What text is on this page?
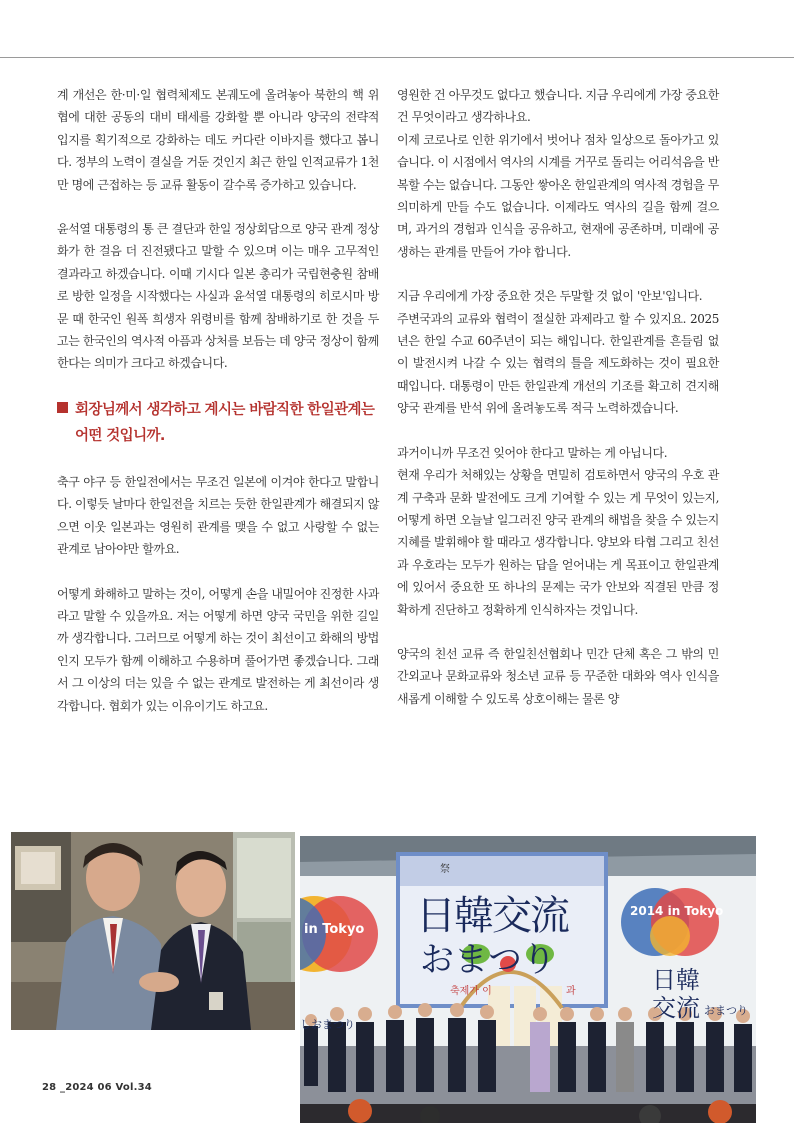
계 개선은 한·미·일 협력체제도 본궤도에 올려놓아 북한의 핵 위협에 대한 공동의 대비 태세를 강화할 뿐 아니라 양국의 전략적 입지를 획기적으로 강화하는 데도 커다란 이바지를 했다고 봅니다. 정부의 노력이 결실을 거둔 것인지 최근 한일 인적교류가 1천만 명에 근접하는 등 교류 활동이 갈수록 증가하고 있습니다.

윤석열 대통령의 통 큰 결단과 한일 정상회담으로 양국 관계 정상화가 한 걸음 더 진전됐다고 말할 수 있으며 이는 매우 고무적인 결과라고 하겠습니다. 이때 기시다 일본 총리가 국립현충원 참배로 방한 일정을 시작했다는 사실과 윤석열 대통령의 히로시마 방문 때 한국인 원폭 희생자 위령비를 함께 참배하기로 한 것을 두고는 한국인의 역사적 아픔과 상처를 보듬는 데 양국 정상이 함께 한다는 의미가 크다고 하겠습니다.

회장님께서 생각하고 계시는 바람직한 한일관계는 어떤 것입니까.

축구 야구 등 한일전에서는 무조건 일본에 이겨야 한다고 말합니다. 이렇듯 날마다 한일전을 치르는 듯한 한일관계가 해결되지 않으면 이웃 일본과는 영원히 관계를 맺을 수 없고 사랑할 수 없는 관계로 남아야만 할까요.

어떻게 화해하고 말하는 것이, 어떻게 손을 내밀어야 진정한 사과라고 말할 수 있을까요. 저는 어떻게 하면 양국 국민을 위한 길일까 생각합니다. 그러므로 어떻게 하는 것이 최선이고 화해의 방법인지 모두가 함께 이해하고 수용하며 풀어가면 좋겠습니다. 그래서 그 이상의 더는 있을 수 없는 관계로 발전하는 게 최선이라 생각합니다. 협회가 있는 이유이기도 하고요.

영원한 건 아무것도 없다고 했습니다. 지금 우리에게 가장 중요한 건 무엇이라고 생각하나요.

이제 코로나로 인한 위기에서 벗어나 점차 일상으로 돌아가고 있습니다. 이 시점에서 역사의 시계를 거꾸로 돌리는 어리석음을 반복할 수는 없습니다. 그동안 쌓아온 한일관계의 역사적 경험을 무의미하게 만들 수도 없습니다. 이제라도 역사의 길을 함께 걸으며, 과거의 경험과 인식을 공유하고, 현재에 공존하며, 미래에 공생하는 관계를 만들어 가야 합니다.

지금 우리에게 가장 중요한 것은 두말할 것 없이 '안보'입니다.

주변국과의 교류와 협력이 절실한 과제라고 할 수 있지요. 2025년은 한일 수교 60주년이 되는 해입니다. 한일관계를 흔들림 없이 발전시켜 나갈 수 있는 협력의 틀을 제도화하는 것이 필요한 때입니다. 대통령이 만든 한일관계 개선의 기조를 확고히 견지해 양국 관계를 반석 위에 올려놓도록 적극 노력하겠습니다.

과거이니까 무조건 잊어야 한다고 말하는 게 아닙니다.

현재 우리가 처해있는 상황을 면밀히 검토하면서 양국의 우호 관계 구축과 문화 발전에도 크게 기여할 수 있는 게 무엇이 있는지, 어떻게 하면 오늘날 일그러진 양국 관계의 해법을 찾을 수 있는지 지혜를 발휘해야 할 때라고 생각합니다. 양보와 타협 그리고 친선과 우호라는 모두가 원하는 답을 얻어내는 게 목표이고 한일관계에 있어서 중요한 또 하나의 문제는 국가 안보와 직결된 만큼 정확하게 진단하고 정확하게 인식하자는 것입니다.

양국의 친선 교류 즉 한일친선협회나 민간 단체 혹은 그 밖의 민간외교나 문화교류와 청소년 교류 등 꾸준한 대화와 역사 인식을 새롭게 이해할 수 있도록 상호이해는 물론 양

祭
日韓交流
おまつり
축제가 이	과
in Tokyo
2014 in Tokyo
日韓
交流 おまつり
しおまつり
28 _2024 06 Vol.34
